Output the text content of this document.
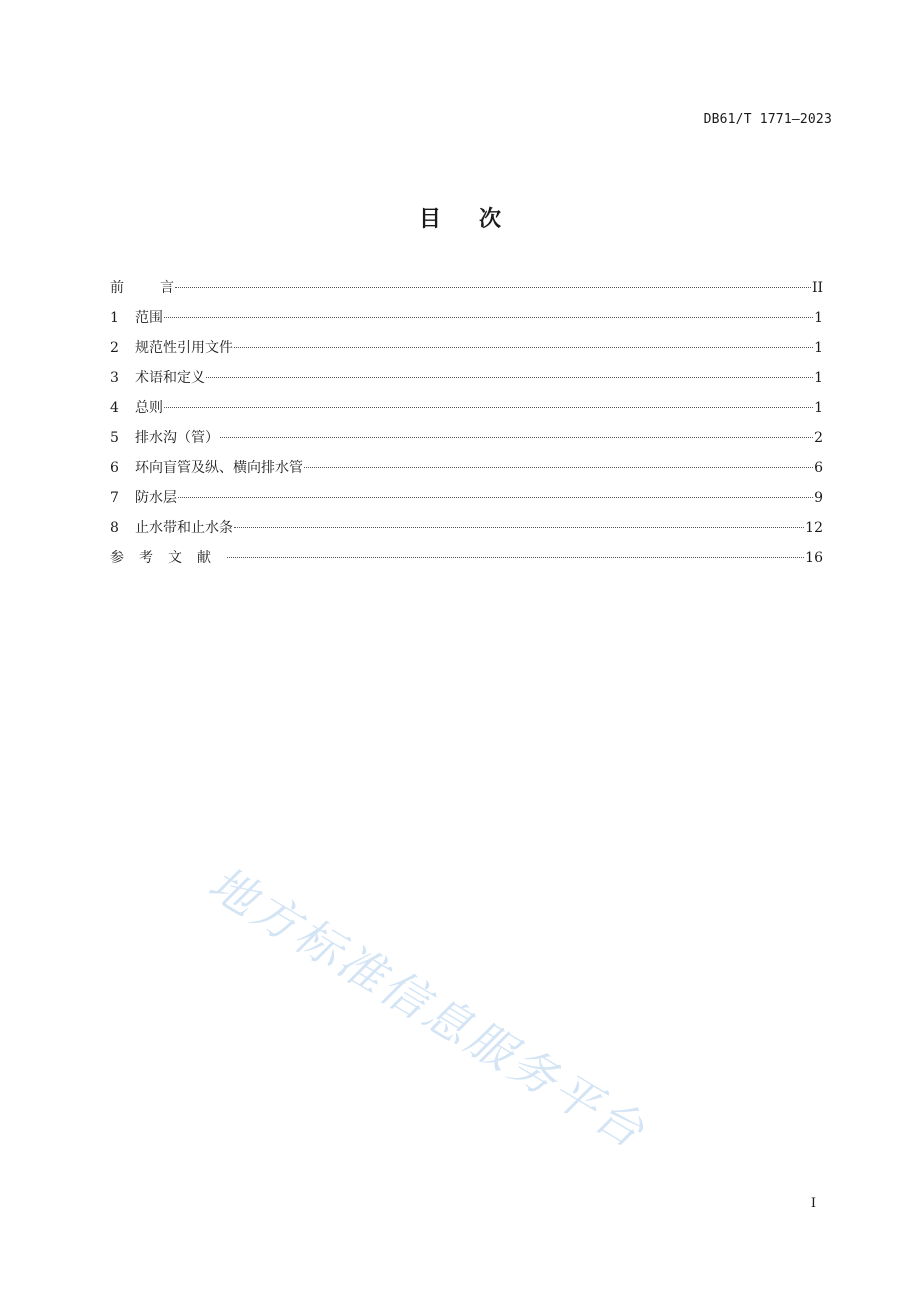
DB61/T 1771—2023
目 次
前言	II
1	范围	1
2	规范性引用文件	1
3	术语和定义	1
4	总则	1
5	排水沟（管）	2
6	环向盲管及纵、横向排水管	6
7	防水层	9
8	止水带和止水条	12
参考文献	16
地方标准信息服务平台
I
